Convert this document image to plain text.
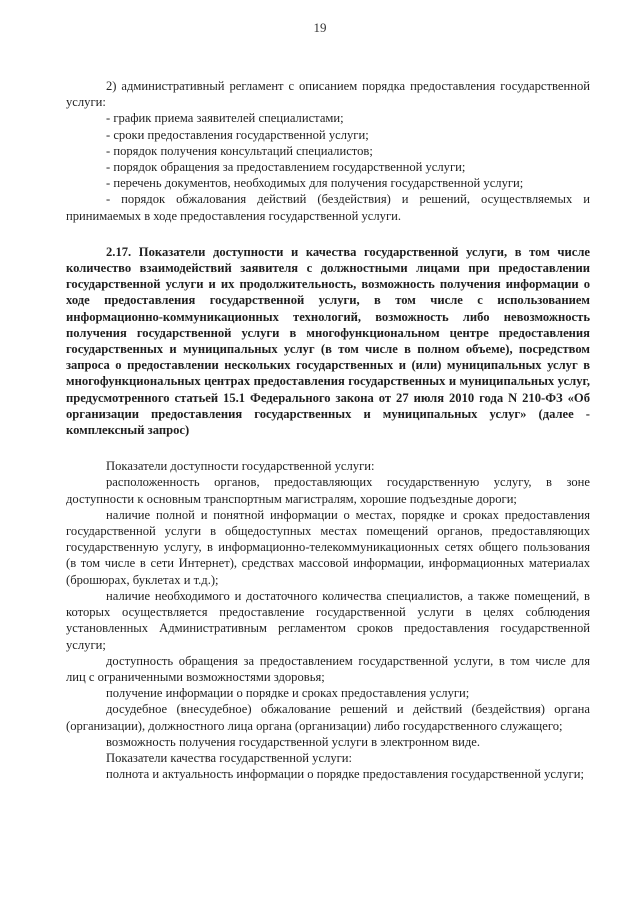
19

2) административный регламент с описанием порядка предоставления государственной услуги:

- график приема заявителей специалистами;

- сроки предоставления государственной услуги;

- порядок получения консультаций специалистов;

- порядок обращения за предоставлением государственной услуги;

- перечень документов, необходимых для получения государственной услуги;

- порядок обжалования действий (бездействия) и решений, осуществляемых и принимаемых в ходе предоставления государственной услуги.

2.17. Показатели доступности и качества государственной услуги, в том числе количество взаимодействий заявителя с должностными лицами при предоставлении государственной услуги и их продолжительность, возможность получения информации о ходе предоставления государственной услуги, в том числе с использованием информационно-коммуникационных технологий, возможность либо невозможность получения государственной услуги в многофункциональном центре предоставления государственных и муниципальных услуг (в том числе в полном объеме), посредством запроса о предоставлении нескольких государственных и (или) муниципальных услуг в многофункциональных центрах предоставления государственных и муниципальных услуг, предусмотренного статьей 15.1 Федерального закона от 27 июля 2010 года N 210-ФЗ «Об организации предоставления государственных и муниципальных услуг» (далее - комплексный запрос)

Показатели доступности государственной услуги:

расположенность органов, предоставляющих государственную услугу, в зоне доступности к основным транспортным магистралям, хорошие подъездные дороги;

наличие полной и понятной информации о местах, порядке и сроках предоставления государственной услуги в общедоступных местах помещений органов, предоставляющих государственную услугу, в информационно-телекоммуникационных сетях общего пользования (в том числе в сети Интернет), средствах массовой информации, информационных материалах (брошюрах, буклетах и т.д.);

наличие необходимого и достаточного количества специалистов, а также помещений, в которых осуществляется предоставление государственной услуги в целях соблюдения установленных Административным регламентом сроков предоставления государственной услуги;

доступность обращения за предоставлением государственной услуги, в том числе для лиц с ограниченными возможностями здоровья;

получение информации о порядке и сроках предоставления услуги;

досудебное (внесудебное) обжалование решений и действий (бездействия) органа (организации), должностного лица органа (организации) либо государственного служащего;

возможность получения государственной услуги в электронном виде.

Показатели качества государственной услуги:

полнота и актуальность информации о порядке предоставления государственной услуги;
